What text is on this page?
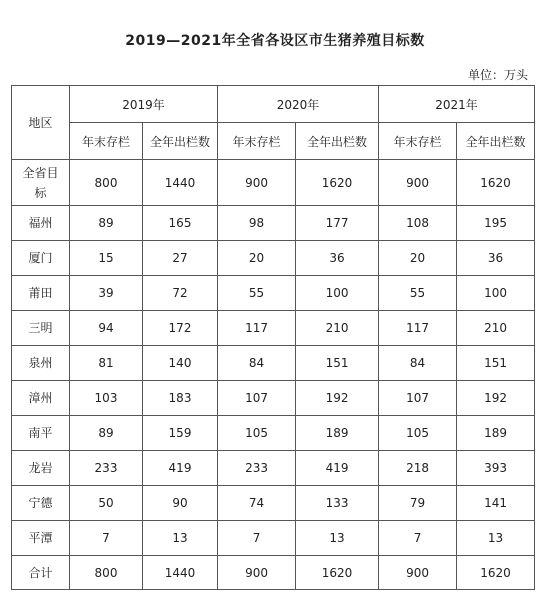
2019—2021年全省各设区市生猪养殖目标数
单位：万头
地区	2019年		2020年		2021年	
	年末存栏	全年出栏数	年末存栏	全年出栏数	年末存栏	全年出栏数
全省目标	800	1440	900	1620	900	1620
福州	89	165	98	177	108	195
厦门	15	27	20	36	20	36
莆田	39	72	55	100	55	100
三明	94	172	117	210	117	210
泉州	81	140	84	151	84	151
漳州	103	183	107	192	107	192
南平	89	159	105	189	105	189
龙岩	233	419	233	419	218	393
宁德	50	90	74	133	79	141
平潭	7	13	7	13	7	13
合计	800	1440	900	1620	900	1620
